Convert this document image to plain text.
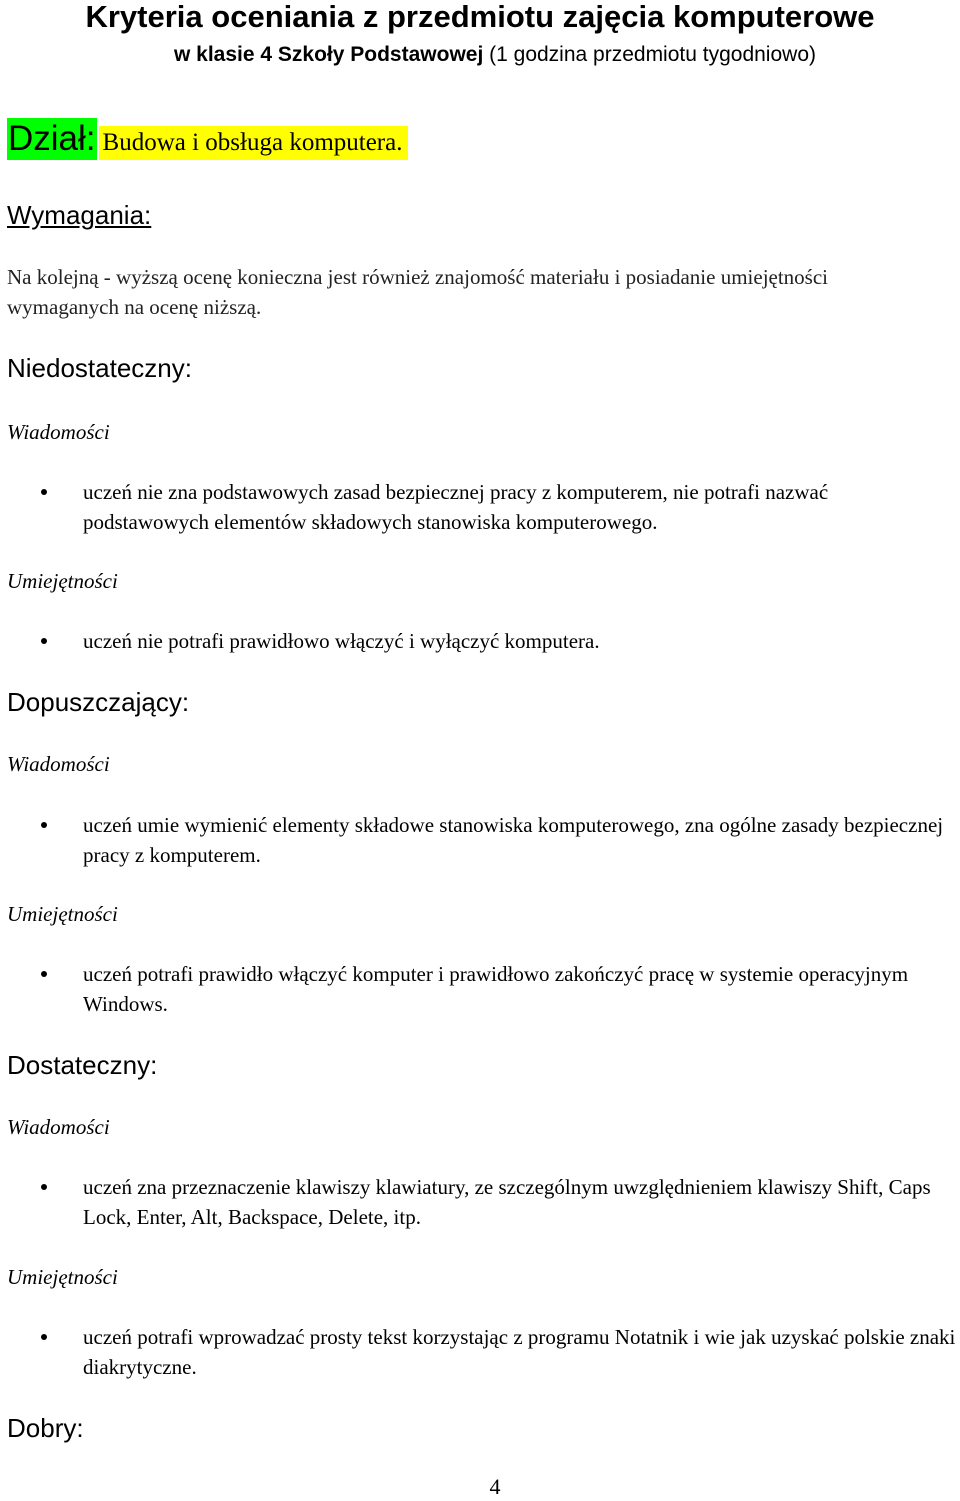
Kryteria oceniania z przedmiotu zajęcia komputerowe
w klasie 4 Szkoły Podstawowej (1 godzina przedmiotu tygodniowo)
Dział: Budowa i obsługa komputera.
Wymagania:
Na kolejną - wyższą ocenę konieczna jest również znajomość materiału i posiadanie umiejętności wymaganych na ocenę niższą.
Niedostateczny:
Wiadomości
uczeń nie zna podstawowych zasad bezpiecznej pracy z komputerem, nie potrafi nazwać podstawowych elementów składowych stanowiska komputerowego.
Umiejętności
uczeń nie potrafi prawidłowo włączyć i wyłączyć komputera.
Dopuszczający:
Wiadomości
uczeń umie wymienić elementy składowe stanowiska komputerowego, zna ogólne zasady bezpiecznej pracy z komputerem.
Umiejętności
uczeń potrafi prawidło włączyć komputer i prawidłowo zakończyć pracę w systemie operacyjnym Windows.
Dostateczny:
Wiadomości
uczeń zna przeznaczenie klawiszy klawiatury, ze szczególnym uwzględnieniem klawiszy Shift, Caps Lock, Enter, Alt, Backspace, Delete, itp.
Umiejętności
uczeń potrafi wprowadzać prosty tekst korzystając z programu Notatnik i wie jak uzyskać polskie znaki diakrytyczne.
Dobry:
4
